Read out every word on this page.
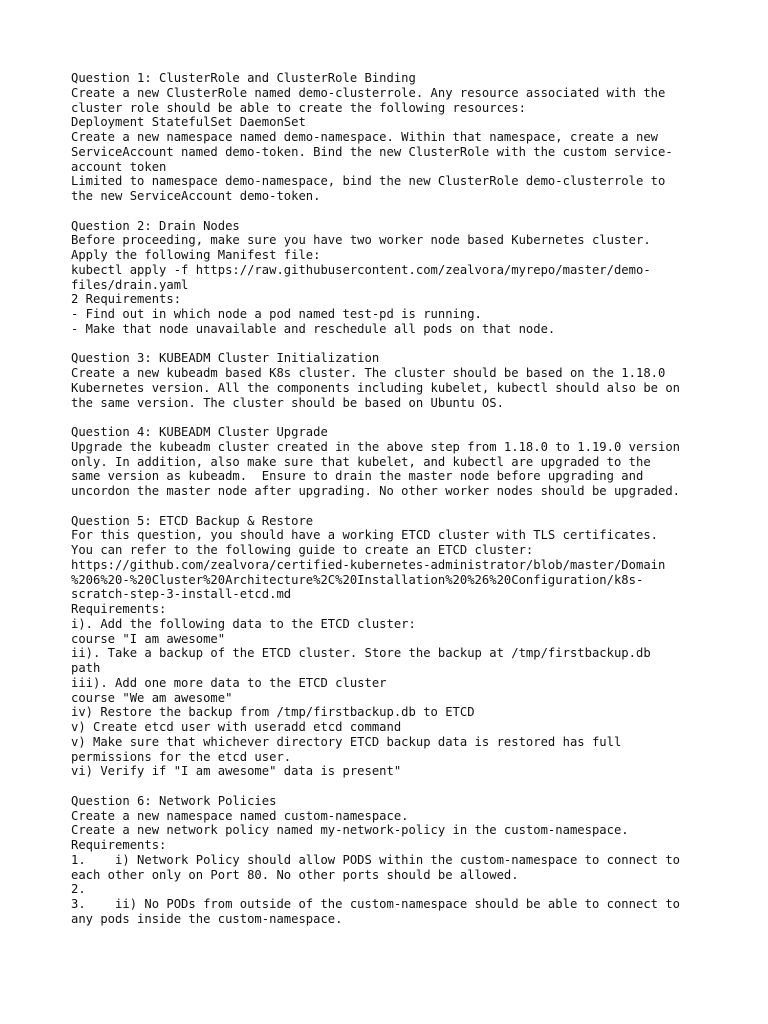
Question 1: ClusterRole and ClusterRole Binding
Create a new ClusterRole named demo-clusterrole. Any resource associated with the
cluster role should be able to create the following resources:
Deployment StatefulSet DaemonSet
Create a new namespace named demo-namespace. Within that namespace, create a new
ServiceAccount named demo-token. Bind the new ClusterRole with the custom service-
account token
Limited to namespace demo-namespace, bind the new ClusterRole demo-clusterrole to
the new ServiceAccount demo-token.
Question 2: Drain Nodes
Before proceeding, make sure you have two worker node based Kubernetes cluster.
Apply the following Manifest file:
kubectl apply -f https://raw.githubusercontent.com/zealvora/myrepo/master/demo-
files/drain.yaml
2 Requirements:
- Find out in which node a pod named test-pd is running.
- Make that node unavailable and reschedule all pods on that node.
Question 3: KUBEADM Cluster Initialization
Create a new kubeadm based K8s cluster. The cluster should be based on the 1.18.0
Kubernetes version. All the components including kubelet, kubectl should also be on
the same version. The cluster should be based on Ubuntu OS.
Question 4: KUBEADM Cluster Upgrade
Upgrade the kubeadm cluster created in the above step from 1.18.0 to 1.19.0 version
only. In addition, also make sure that kubelet, and kubectl are upgraded to the
same version as kubeadm.  Ensure to drain the master node before upgrading and
uncordon the master node after upgrading. No other worker nodes should be upgraded.
Question 5: ETCD Backup & Restore
For this question, you should have a working ETCD cluster with TLS certificates.
You can refer to the following guide to create an ETCD cluster:
https://github.com/zealvora/certified-kubernetes-administrator/blob/master/Domain
%206%20-%20Cluster%20Architecture%2C%20Installation%20%26%20Configuration/k8s-
scratch-step-3-install-etcd.md
Requirements:
i). Add the following data to the ETCD cluster:
course "I am awesome"
ii). Take a backup of the ETCD cluster. Store the backup at /tmp/firstbackup.db
path
iii). Add one more data to the ETCD cluster
course "We am awesome"
iv) Restore the backup from /tmp/firstbackup.db to ETCD
v) Create etcd user with useradd etcd command
v) Make sure that whichever directory ETCD backup data is restored has full
permissions for the etcd user.
vi) Verify if "I am awesome" data is present"
Question 6: Network Policies
Create a new namespace named custom-namespace.
Create a new network policy named my-network-policy in the custom-namespace.
Requirements:
1.    i) Network Policy should allow PODS within the custom-namespace to connect to
each other only on Port 80. No other ports should be allowed.
2.
3.    ii) No PODs from outside of the custom-namespace should be able to connect to
any pods inside the custom-namespace.
